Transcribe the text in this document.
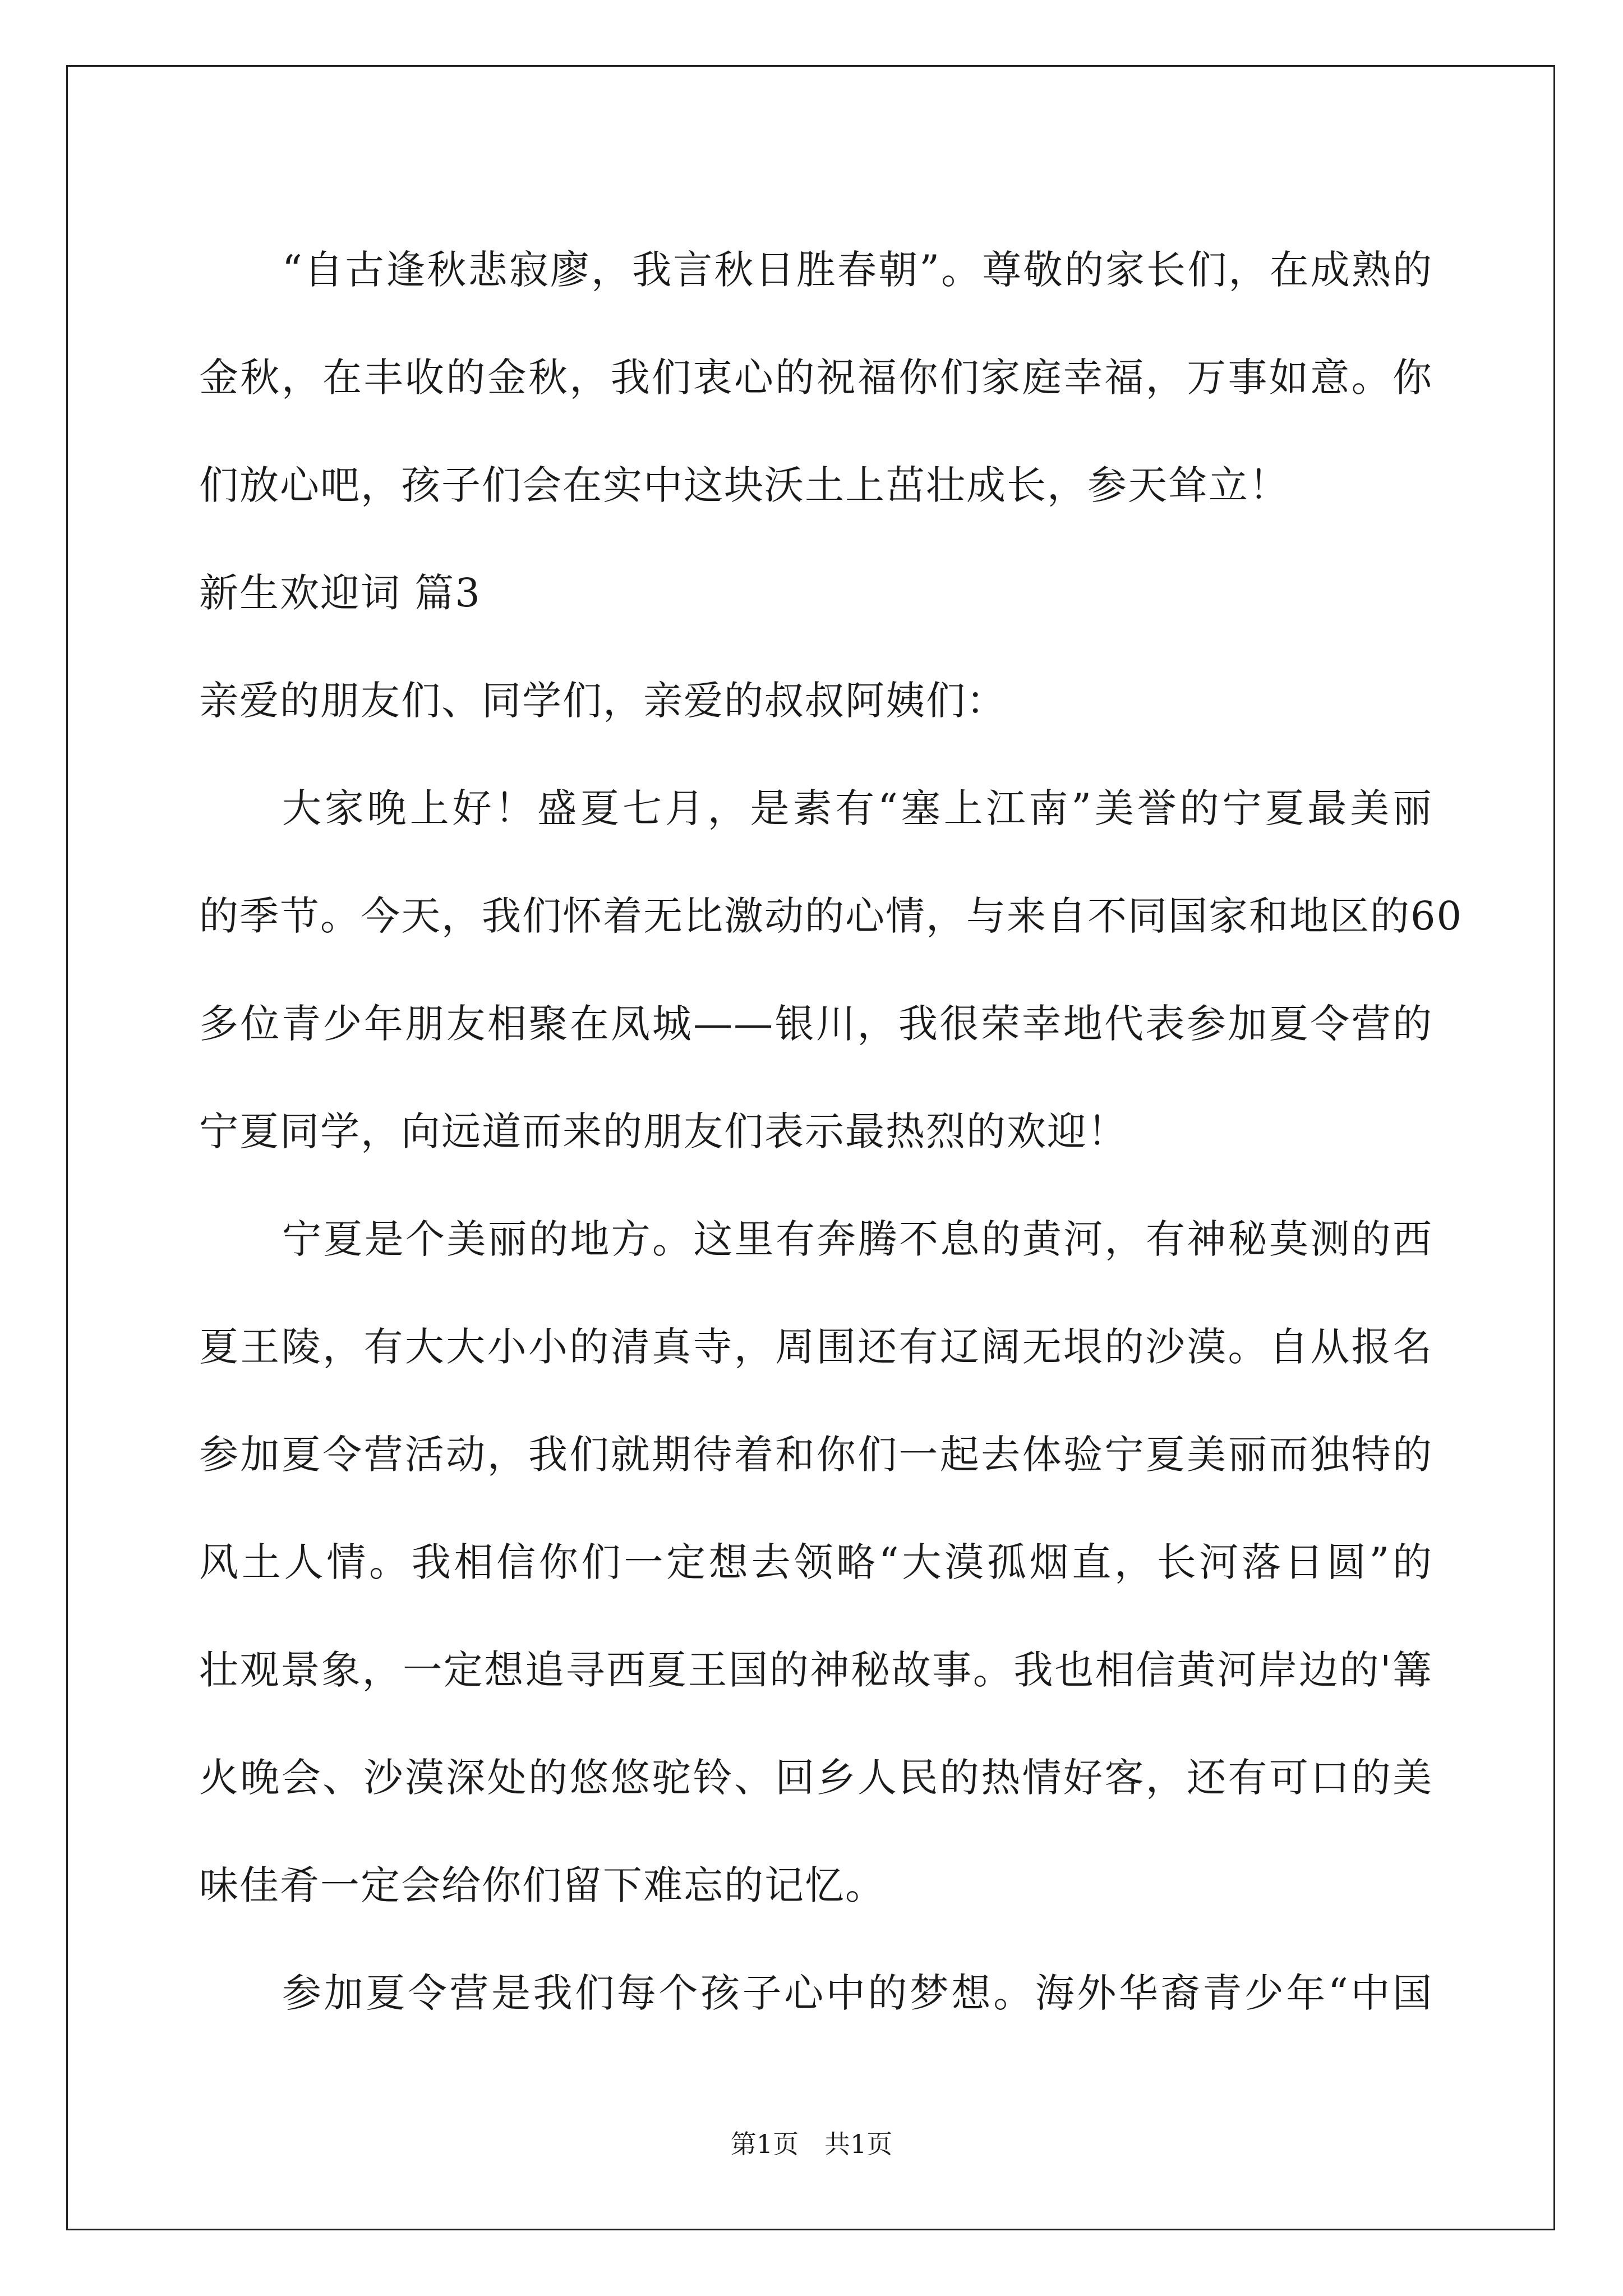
“自古逢秋悲寂廖，我言秋日胜春朝”。尊敬的家长们，在成熟的
金秋，在丰收的金秋，我们衷心的祝福你们家庭幸福，万事如意。你
们放心吧，孩子们会在实中这块沃土上茁壮成长，参天耸立！
新生欢迎词 篇3
亲爱的朋友们、同学们，亲爱的叔叔阿姨们：
大家晚上好！盛夏七月，是素有“塞上江南”美誉的宁夏最美丽
的季节。今天，我们怀着无比激动的心情，与来自不同国家和地区的60
多位青少年朋友相聚在凤城——银川，我很荣幸地代表参加夏令营的
宁夏同学，向远道而来的朋友们表示最热烈的欢迎！
宁夏是个美丽的地方。这里有奔腾不息的黄河，有神秘莫测的西
夏王陵，有大大小小的清真寺，周围还有辽阔无垠的沙漠。自从报名
参加夏令营活动，我们就期待着和你们一起去体验宁夏美丽而独特的
风土人情。我相信你们一定想去领略“大漠孤烟直，长河落日圆”的
壮观景象，一定想追寻西夏王国的神秘故事。我也相信黄河岸边的'篝
火晚会、沙漠深处的悠悠驼铃、回乡人民的热情好客，还有可口的美
味佳肴一定会给你们留下难忘的记忆。
参加夏令营是我们每个孩子心中的梦想。海外华裔青少年“中国
第1页 共1页
